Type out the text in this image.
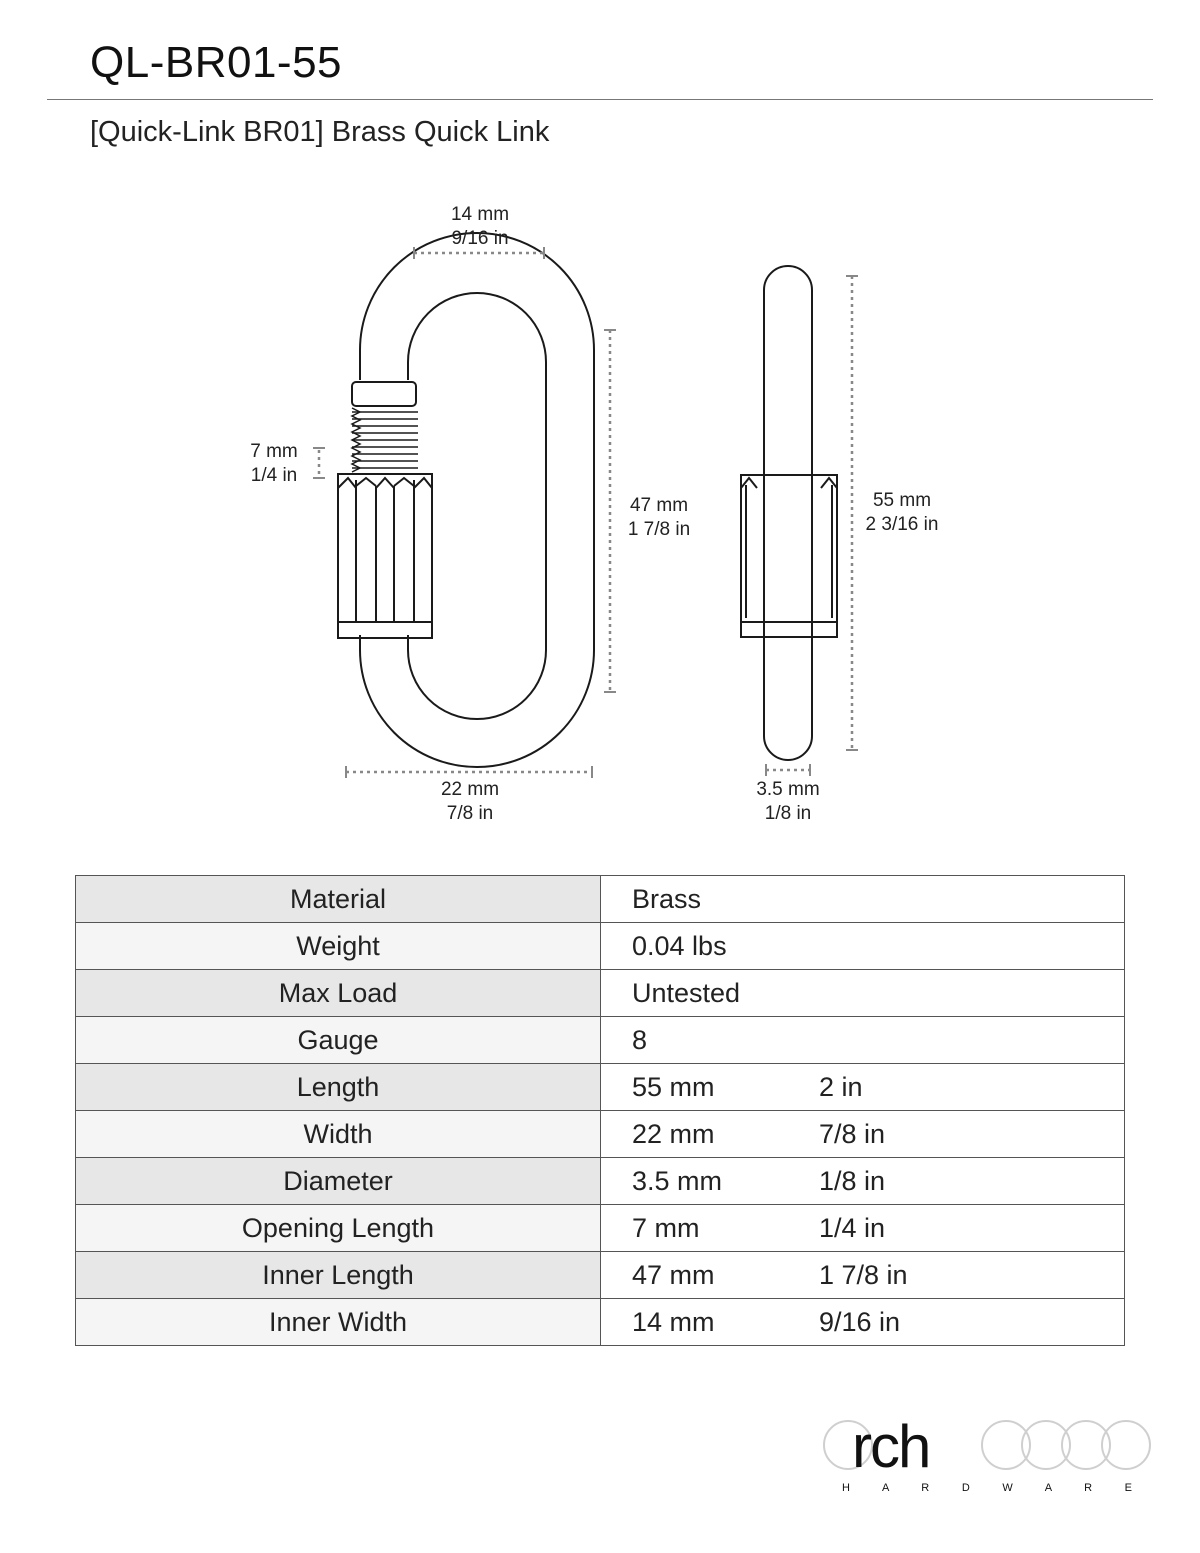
QL-BR01-55
[Quick-Link BR01] Brass Quick Link
14 mm
9/16 in
7 mm
1/4 in
47 mm
1 7/8 in
22 mm
7/8 in
55 mm
2 3/16 in
3.5 mm
1/8 in
Material	Brass
Weight	0.04 lbs
Max Load	Untested
Gauge	8
Length	55 mm 2 in
Width	22 mm 7/8 in
Diameter	3.5 mm 1/8 in
Opening Length	7 mm 1/4 in
Inner Length	47 mm 1 7/8 in
Inner Width	14 mm 9/16 in
rch
H A R D W A R E
